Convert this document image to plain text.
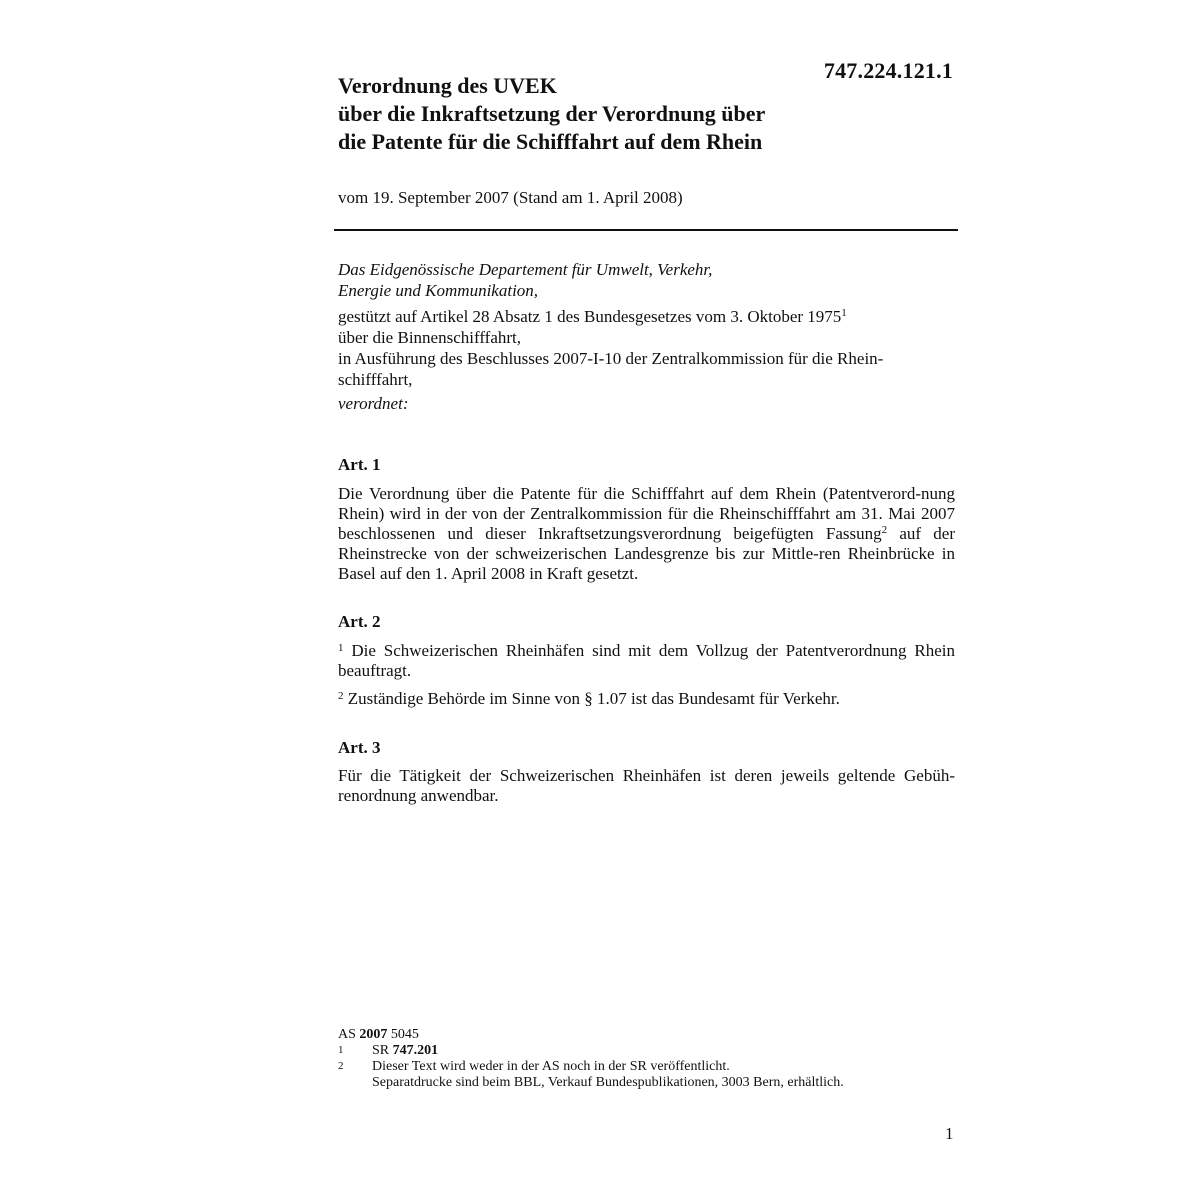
747.224.121.1
Verordnung des UVEK
über die Inkraftsetzung der Verordnung über
die Patente für die Schifffahrt auf dem Rhein
vom 19. September 2007 (Stand am 1. April 2008)
Das Eidgenössische Departement für Umwelt, Verkehr,
Energie und Kommunikation,
gestützt auf Artikel 28 Absatz 1 des Bundesgesetzes vom 3. Oktober 1975$^1$
über die Binnenschifffahrt,
in Ausführung des Beschlusses 2007-I-10 der Zentralkommission für die Rhein-
schifffahrt,
verordnet:
Art. 1

Die Verordnung über die Patente für die Schifffahrt auf dem Rhein (Patentverord-nung Rhein) wird in der von der Zentralkommission für die Rheinschifffahrt am 31. Mai 2007 beschlossenen und dieser Inkraftsetzungsverordnung beigefügten Fassung$^2$ auf der Rheinstrecke von der schweizerischen Landesgrenze bis zur Mittle-ren Rheinbrücke in Basel auf den 1. April 2008 in Kraft gesetzt.

Art. 2

$^1$ Die Schweizerischen Rheinhäfen sind mit dem Vollzug der Patentverordnung Rhein beauftragt.

$^2$ Zuständige Behörde im Sinne von § 1.07 ist das Bundesamt für Verkehr.

Art. 3

Für die Tätigkeit der Schweizerischen Rheinhäfen ist deren jeweils geltende Gebüh-renordnung anwendbar.

AS 2007 5045
1	SR 747.201
2	Dieser Text wird weder in der AS noch in der SR veröffentlicht.
Separatdrucke sind beim BBL, Verkauf Bundespublikationen, 3003 Bern, erhältlich.
1
